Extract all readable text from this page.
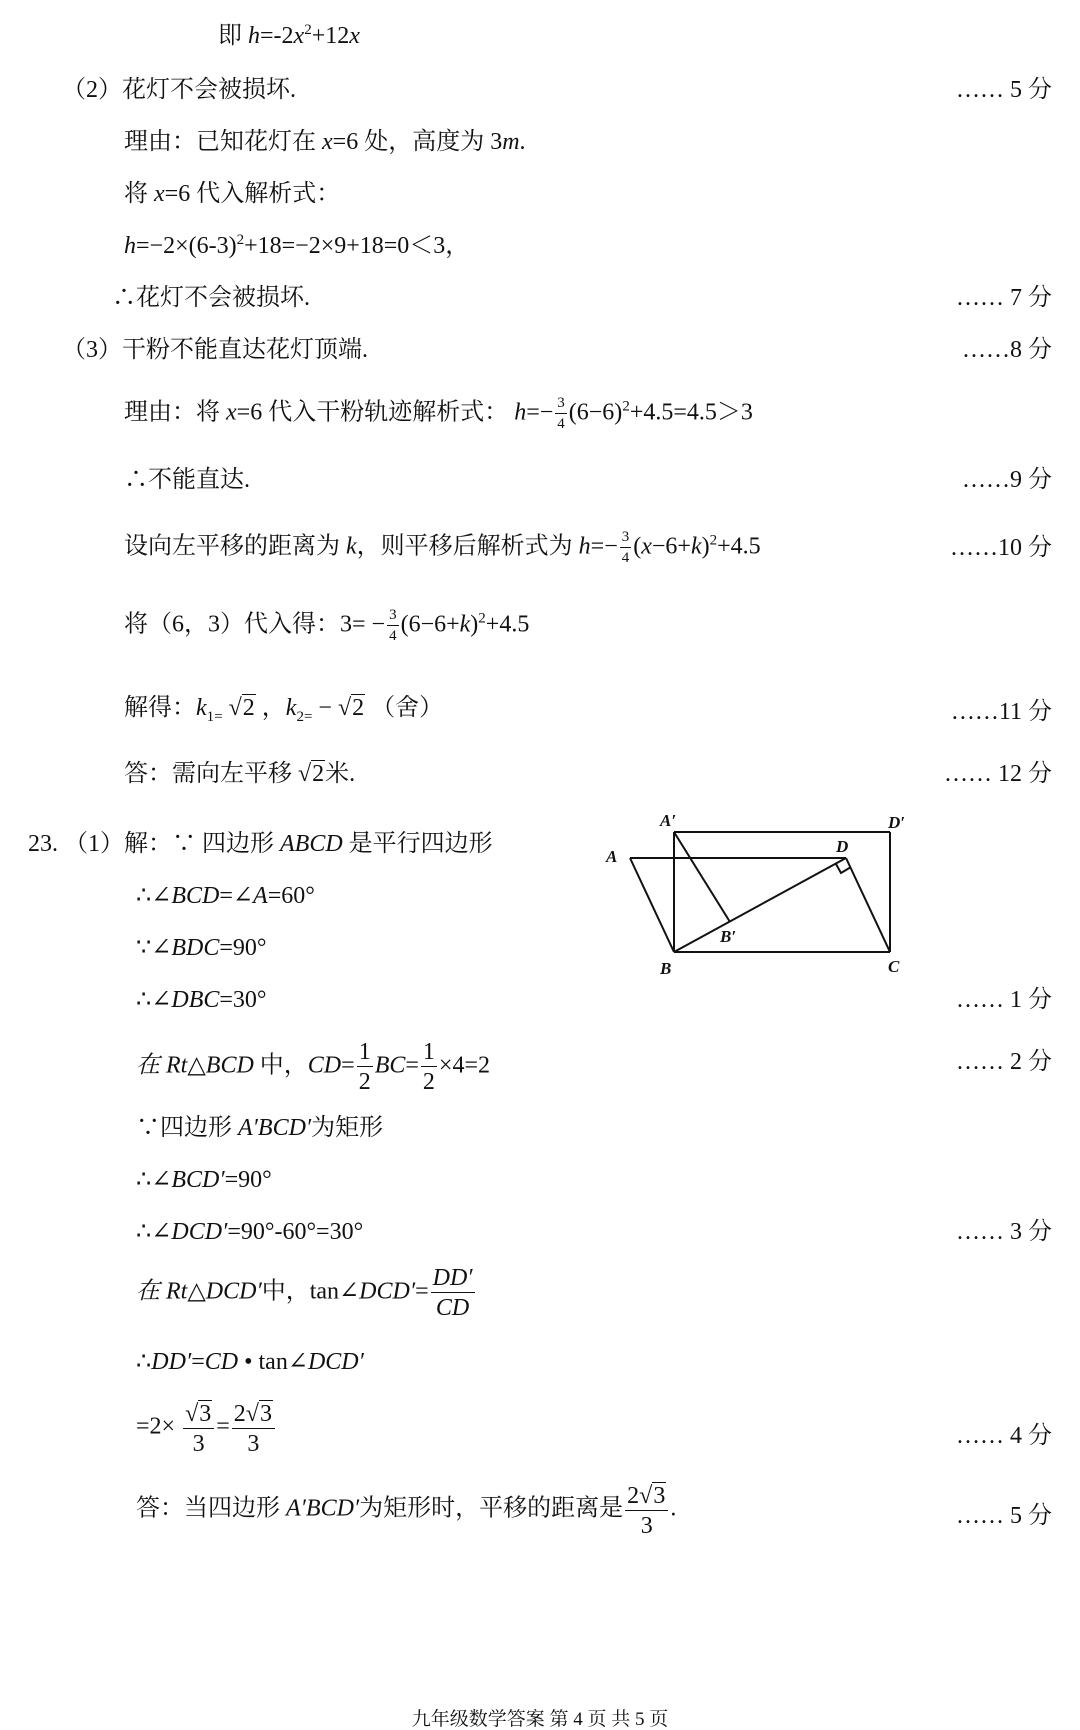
即 $h=-2x^2+12x$
（2）花灯不会被损坏.	…… 5 分
理由：已知花灯在 x=6 处，高度为 3m.
将 x=6 代入解析式：
$h=-2\times(6-3)^2+18=-2\times 9+18=0<3$，
∴花灯不会被损坏.	…… 7 分
（3）干粉不能直达花灯顶端.	……8 分
理由：将 x=6 代入干粉轨迹解析式： $h=- \frac{3}{4} (6-6)^2+4.5=4.5>3$
∴不能直达.	……9 分
设向左平移的距离为 k，则平移后解析式为 $h=- \frac{3}{4} (x-6+k)^2+4.5$	……10 分
将（6，3）代入得：$3= - \frac{3}{4} (6-6+k)^2+4.5$
解得：$k_{1=}$ √2 ，$k_{2=} - √2$ （舍）	……11 分
答：需向左平移 √2米.	…… 12 分
23. （1）解：∵ 四边形 ABCD 是平行四边形
A′	D′
A
D
B′
B	C
∴∠BCD=∠A=60°
∵∠BDC=90°
∴∠DBC=30°	…… 1 分
在 Rt△BCD 中，$CD= \frac{1}{2} BC= \frac{1}{2} \times 4=2$	…… 2 分
∵四边形 A′BCD′为矩形
∴∠BCD′=90°
∴∠DCD′=90°-60°=30°	…… 3 分
在 Rt△DCD′中，tan∠DCD′= $\frac{DD'}{CD}$
∴DD′=CD • tan∠DCD′
$=2\times \frac{√3}{3} = \frac{2√3}{3}$	…… 4 分
答：当四边形 A′BCD′为矩形时，平移的距离是 $\frac{2√3}{3}$ .	…… 5 分
九年级数学答案 第 4 页 共 5 页
